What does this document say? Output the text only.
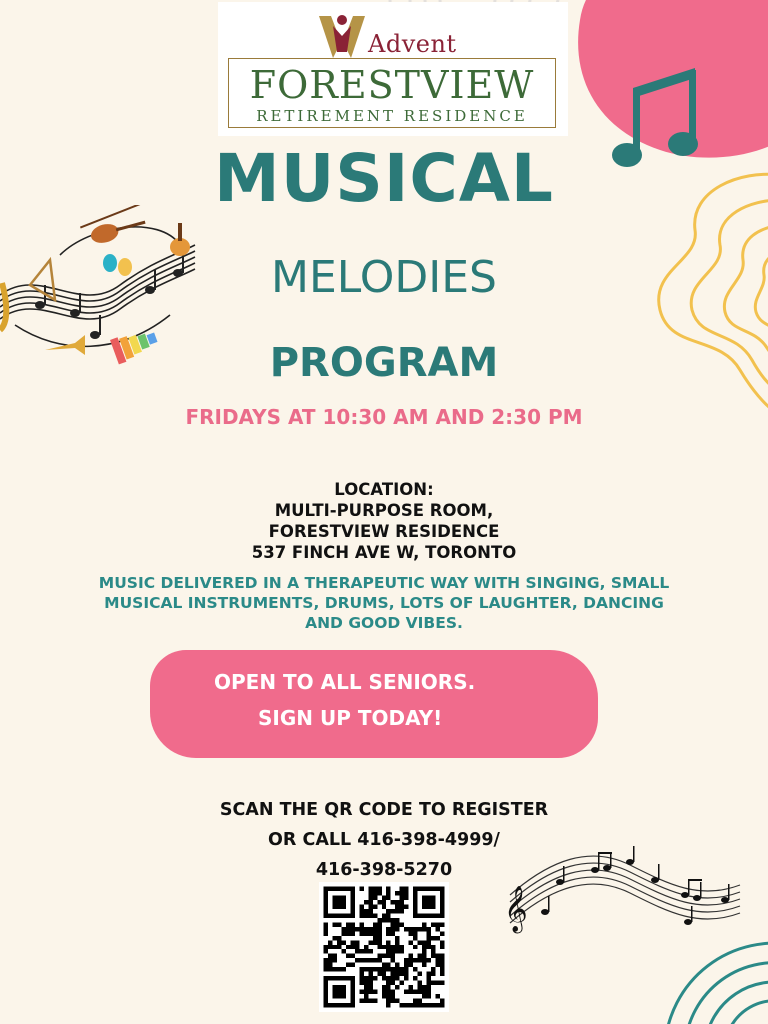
Advent
FORESTVIEW
RETIREMENT RESIDENCE
MUSICAL
MELODIES
PROGRAM
FRIDAYS AT 10:30 AM AND 2:30 PM
LOCATION:
MULTI-PURPOSE ROOM,
FORESTVIEW RESIDENCE
537 FINCH AVE W, TORONTO
MUSIC DELIVERED IN A THERAPEUTIC WAY WITH SINGING, SMALL
MUSICAL INSTRUMENTS, DRUMS, LOTS OF LAUGHTER, DANCING
AND GOOD VIBES.
OPEN TO ALL SENIORS.
SIGN UP TODAY!
SCAN THE QR CODE TO REGISTER
OR CALL 416-398-4999/
416-398-5270
𝄞
